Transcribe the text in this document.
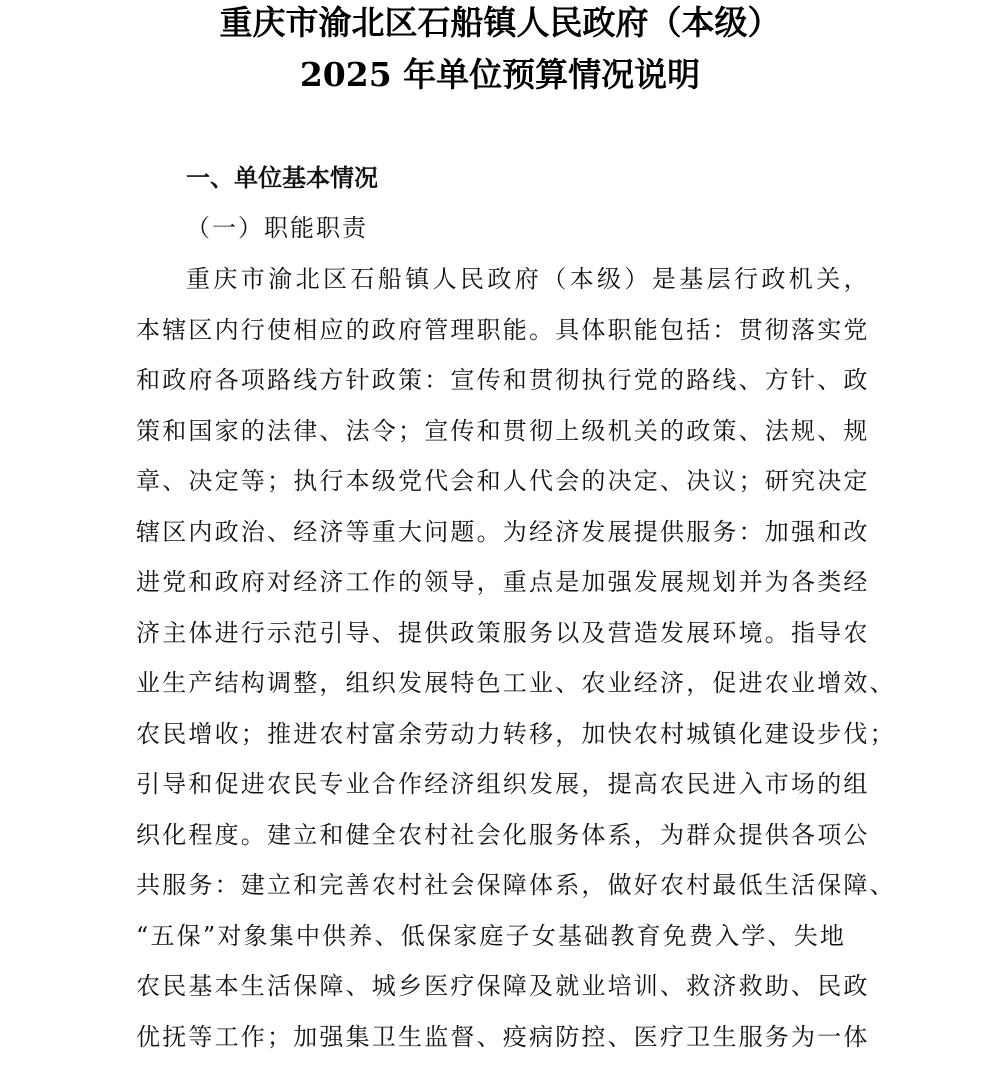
重庆市渝北区石船镇人民政府（本级）
2025 年单位预算情况说明
一、单位基本情况
（一）职能职责
重庆市渝北区石船镇人民政府（本级）是基层行政机关，
本辖区内行使相应的政府管理职能。具体职能包括：贯彻落实党
和政府各项路线方针政策：宣传和贯彻执行党的路线、方针、政
策和国家的法律、法令；宣传和贯彻上级机关的政策、法规、规
章、决定等；执行本级党代会和人代会的决定、决议；研究决定
辖区内政治、经济等重大问题。为经济发展提供服务：加强和改
进党和政府对经济工作的领导，重点是加强发展规划并为各类经
济主体进行示范引导、提供政策服务以及营造发展环境。指导农
业生产结构调整，组织发展特色工业、农业经济，促进农业增效、
农民增收；推进农村富余劳动力转移，加快农村城镇化建设步伐；
引导和促进农民专业合作经济组织发展，提高农民进入市场的组
织化程度。建立和健全农村社会化服务体系，为群众提供各项公
共服务：建立和完善农村社会保障体系，做好农村最低生活保障、
“五保”对象集中供养、低保家庭子女基础教育免费入学、失地
农民基本生活保障、城乡医疗保障及就业培训、救济救助、民政
优抚等工作；加强集卫生监督、疫病防控、医疗卫生服务为一体
